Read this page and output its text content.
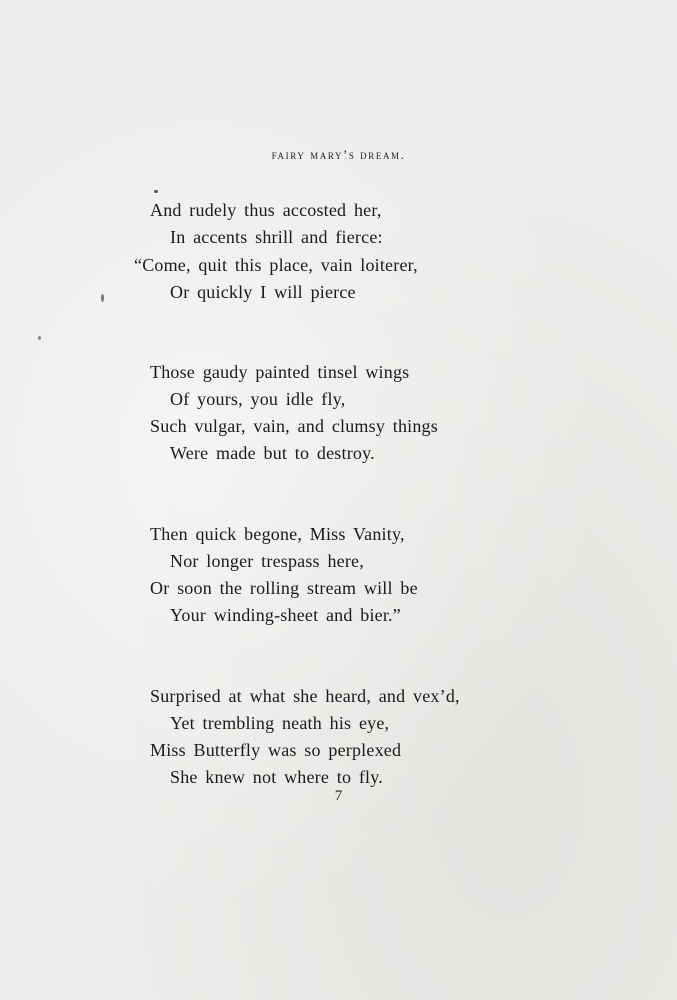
fairy mary’s dream.
And rudely thus accosted her,
In accents shrill and fierce:
“Come, quit this place, vain loiterer,
Or quickly I will pierce
Those gaudy painted tinsel wings
Of yours, you idle fly,
Such vulgar, vain, and clumsy things
Were made but to destroy.
Then quick begone, Miss Vanity,
Nor longer trespass here,
Or soon the rolling stream will be
Your winding-sheet and bier.”
Surprised at what she heard, and vex’d,
Yet trembling neath his eye,
Miss Butterfly was so perplexed
She knew not where to fly.
7
